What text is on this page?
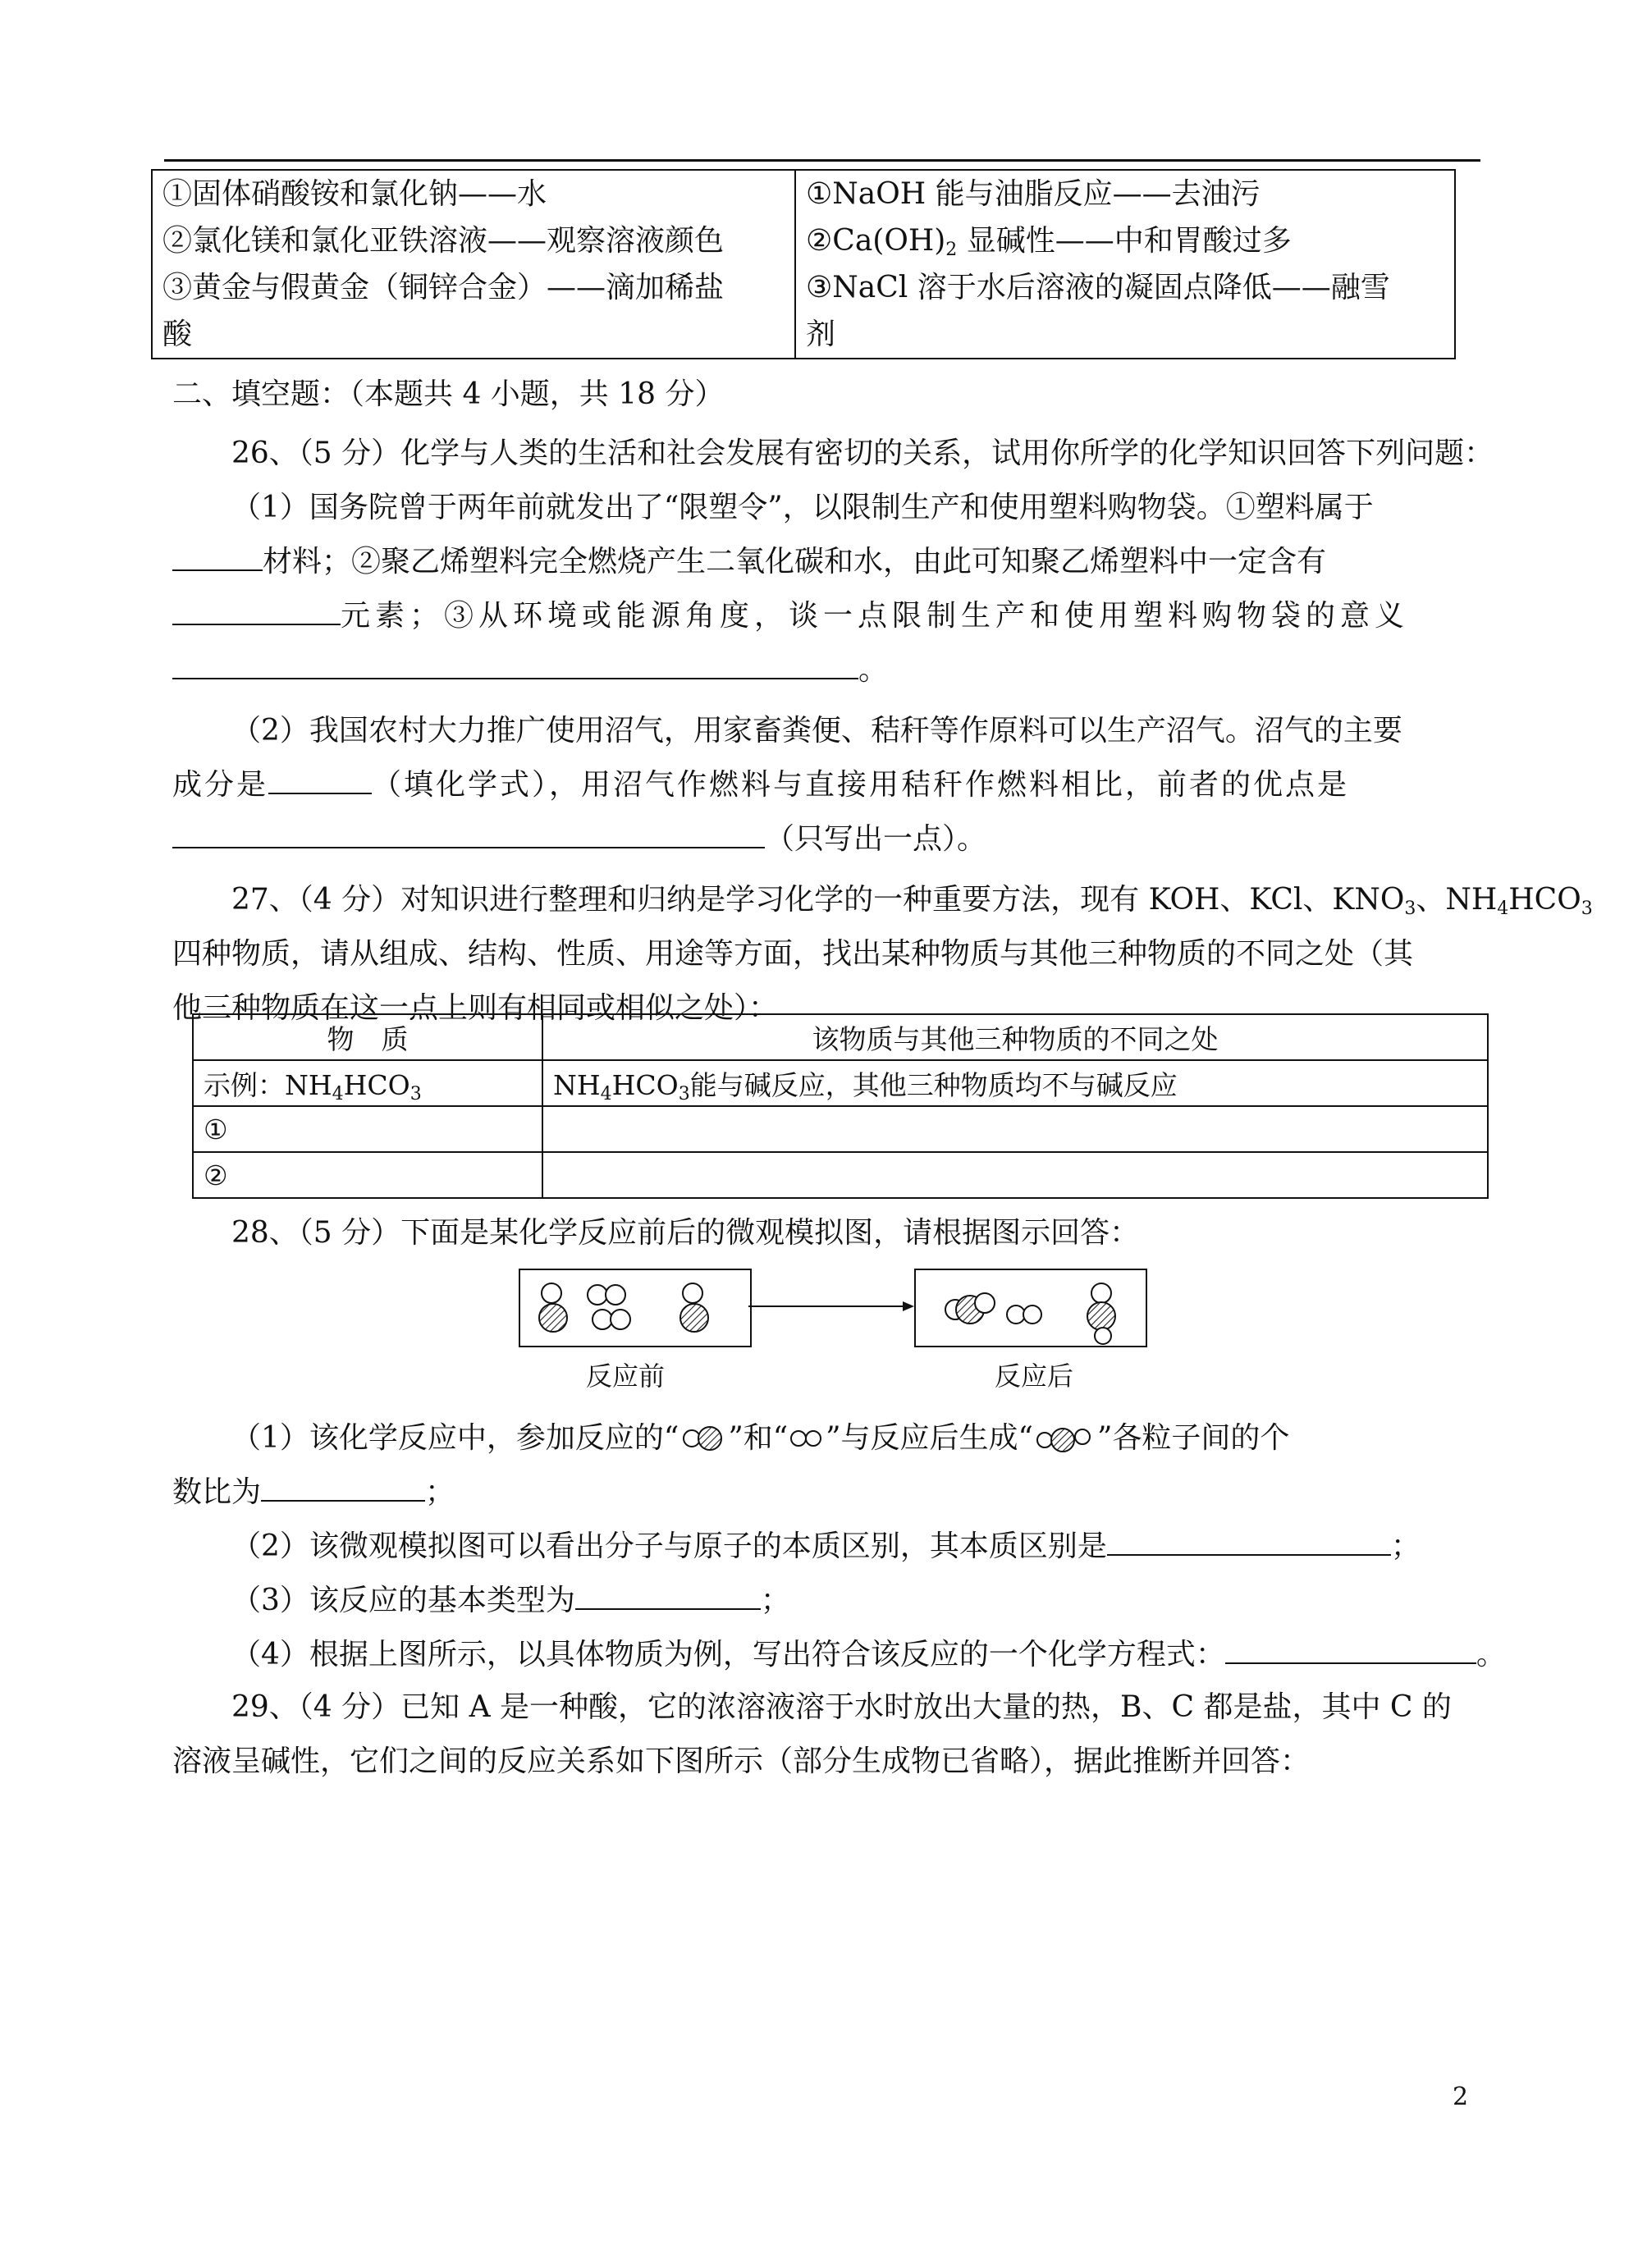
①固体硝酸铵和氯化钠——水
②氯化镁和氯化亚铁溶液——观察溶液颜色
③黄金与假黄金（铜锌合金）——滴加稀盐
酸

①NaOH 能与油脂反应——去油污
$②Ca(OH)_2$ 显碱性——中和胃酸过多
③NaCl 溶于水后溶液的凝固点降低——融雪
剂
二、填空题：（本题共 4 小题，共 18 分）
26、（5 分）化学与人类的生活和社会发展有密切的关系，试用你所学的化学知识回答下列问题：
（1）国务院曾于两年前就发出了“限塑令”，以限制生产和使用塑料购物袋。①塑料属于
材料；②聚乙烯塑料完全燃烧产生二氧化碳和水，由此可知聚乙烯塑料中一定含有
元素；③从环境或能源角度，谈一点限制生产和使用塑料购物袋的意义
。
（2）我国农村大力推广使用沼气，用家畜粪便、秸秆等作原料可以生产沼气。沼气的主要
成分是	（填化学式），用沼气作燃料与直接用秸秆作燃料相比，前者的优点是
（只写出一点）。
27、（4 分）对知识进行整理和归纳是学习化学的一种重要方法，现有 KOH、KCl、$KNO_3$、$NH_4HCO_3$
四种物质，请从组成、结构、性质、用途等方面，找出某种物质与其他三种物质的不同之处（其
他三种物质在这一点上则有相同或相似之处）：
物　质	该物质与其他三种物质的不同之处
示例：$NH_4HCO_3$	$NH_4HCO_3$能与碱反应，其他三种物质均不与碱反应
①	
②	
28、（5 分）下面是某化学反应前后的微观模拟图，请根据图示回答：
反应前	反应后
（1）该化学反应中，参加反应的“ ”和“ ”与反应后生成“ ”各粒子间的个
数比为	；
（2）该微观模拟图可以看出分子与原子的本质区别，其本质区别是	；
（3）该反应的基本类型为	；
（4）根据上图所示，以具体物质为例，写出符合该反应的一个化学方程式：	。
29、（4 分）已知 A 是一种酸，它的浓溶液溶于水时放出大量的热，B、C 都是盐，其中 C 的
溶液呈碱性，它们之间的反应关系如下图所示（部分生成物已省略），据此推断并回答：
2
